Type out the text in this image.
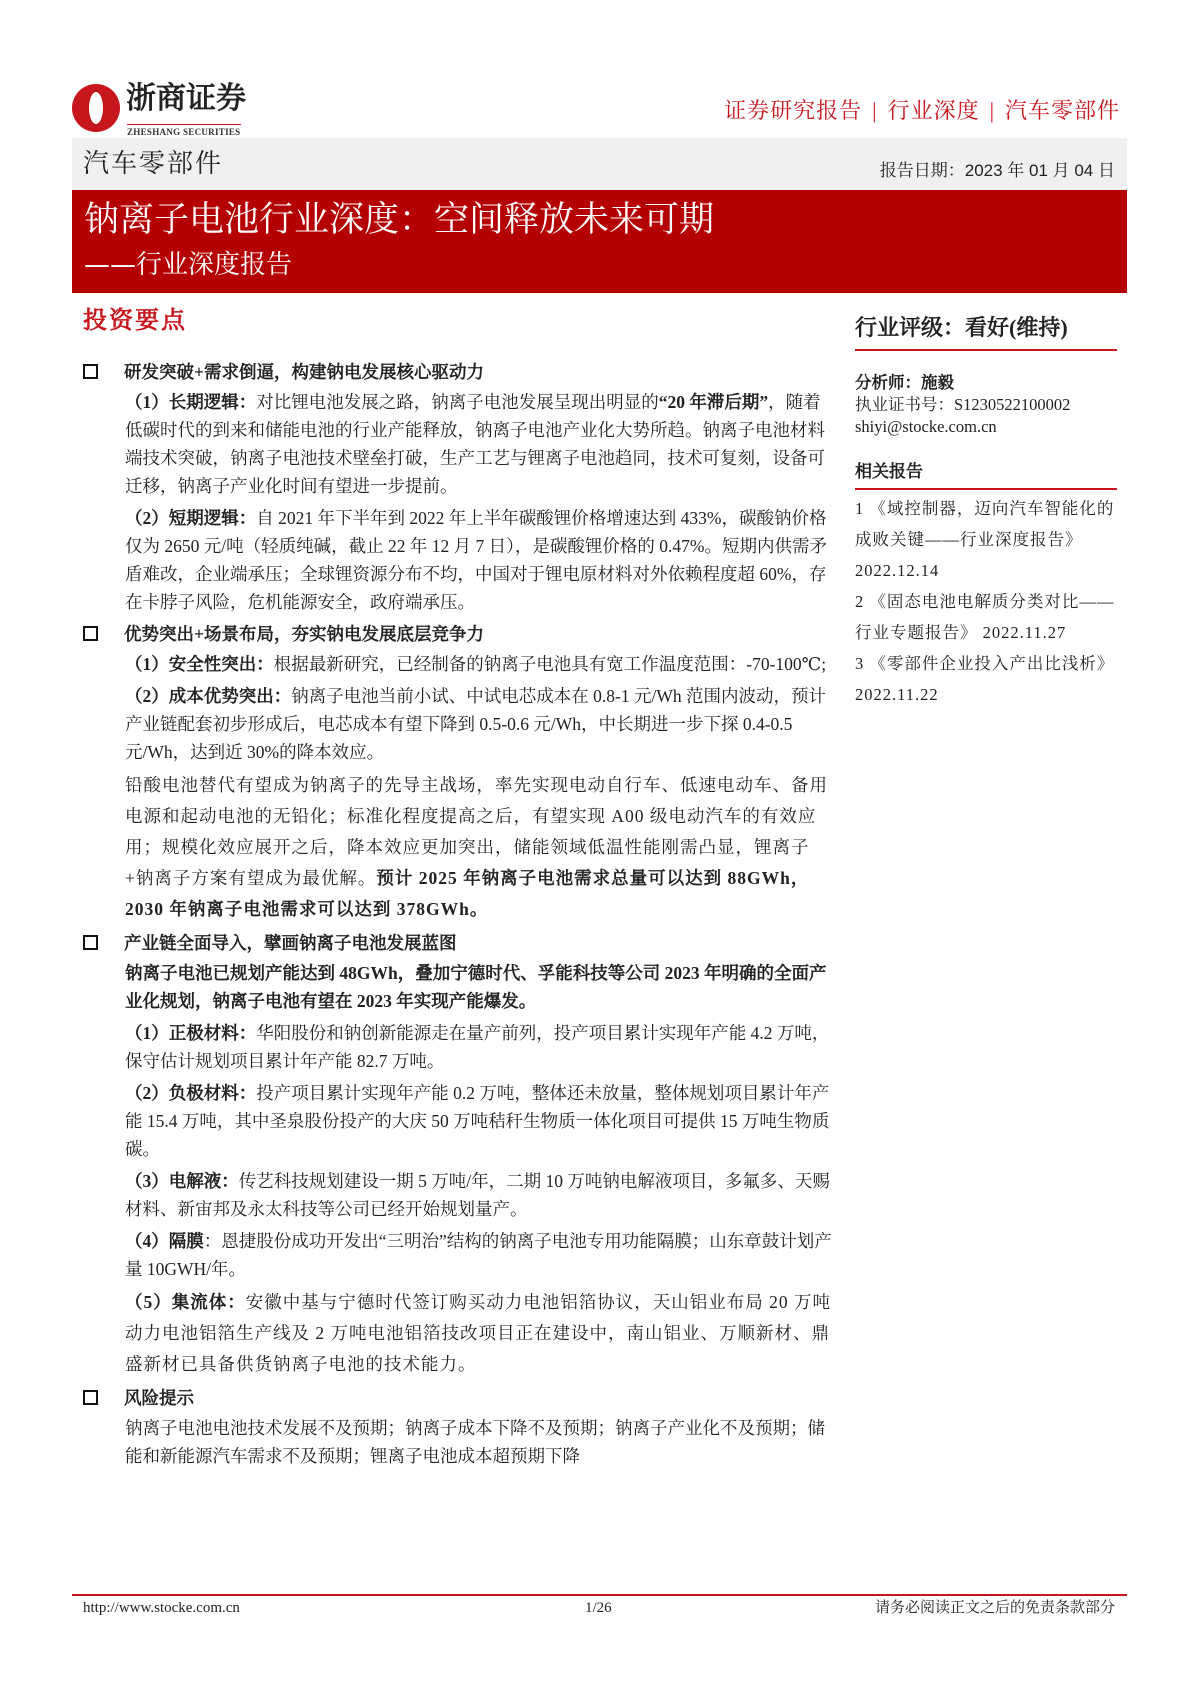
浙商证券
ZHESHANG SECURITIES
证券研究报告 | 行业深度 | 汽车零部件
汽车零部件	报告日期：2023 年 01 月 04 日
钠离子电池行业深度：空间释放未来可期
——行业深度报告
投资要点
研发突破+需求倒逼，构建钠电发展核心驱动力

（1）长期逻辑：对比锂电池发展之路，钠离子电池发展呈现出明显的“20 年滞后期”，随着低碳时代的到来和储能电池的行业产能释放，钠离子电池产业化大势所趋。钠离子电池材料端技术突破，钠离子电池技术壁垒打破，生产工艺与锂离子电池趋同，技术可复刻，设备可迁移，钠离子产业化时间有望进一步提前。

（2）短期逻辑：自 2021 年下半年到 2022 年上半年碳酸锂价格增速达到 433%，碳酸钠价格仅为 2650 元/吨（轻质纯碱，截止 22 年 12 月 7 日），是碳酸锂价格的 0.47%。短期内供需矛盾难改，企业端承压；全球锂资源分布不均，中国对于锂电原材料对外依赖程度超 60%，存在卡脖子风险，危机能源安全，政府端承压。

优势突出+场景布局，夯实钠电发展底层竞争力

（1）安全性突出：根据最新研究，已经制备的钠离子电池具有宽工作温度范围：-70-100℃;

（2）成本优势突出：钠离子电池当前小试、中试电芯成本在 0.8-1 元/Wh 范围内波动，预计产业链配套初步形成后，电芯成本有望下降到 0.5-0.6 元/Wh，中长期进一步下探 0.4-0.5 元/Wh，达到近 30%的降本效应。

铅酸电池替代有望成为钠离子的先导主战场，率先实现电动自行车、低速电动车、备用电源和起动电池的无铅化；标准化程度提高之后，有望实现 A00 级电动汽车的有效应用；规模化效应展开之后，降本效应更加突出，储能领域低温性能刚需凸显，锂离子+钠离子方案有望成为最优解。预计 2025 年钠离子电池需求总量可以达到 88GWh，2030 年钠离子电池需求可以达到 378GWh。

产业链全面导入，擘画钠离子电池发展蓝图

钠离子电池已规划产能达到 48GWh，叠加宁德时代、孚能科技等公司 2023 年明确的全面产业化规划，钠离子电池有望在 2023 年实现产能爆发。

（1）正极材料：华阳股份和钠创新能源走在量产前列，投产项目累计实现年产能 4.2 万吨，保守估计规划项目累计年产能 82.7 万吨。

（2）负极材料：投产项目累计实现年产能 0.2 万吨，整体还未放量，整体规划项目累计年产能 15.4 万吨，其中圣泉股份投产的大庆 50 万吨秸秆生物质一体化项目可提供 15 万吨生物质碳。

（3）电解液：传艺科技规划建设一期 5 万吨/年，二期 10 万吨钠电解液项目，多氟多、天赐材料、新宙邦及永太科技等公司已经开始规划量产。

（4）隔膜：恩捷股份成功开发出“三明治”结构的钠离子电池专用功能隔膜；山东章鼓计划产量 10GWH/年。

（5）集流体：安徽中基与宁德时代签订购买动力电池铝箔协议，天山铝业布局 20 万吨动力电池铝箔生产线及 2 万吨电池铝箔技改项目正在建设中，南山铝业、万顺新材、鼎盛新材已具备供货钠离子电池的技术能力。

风险提示

钠离子电池电池技术发展不及预期；钠离子成本下降不及预期；钠离子产业化不及预期；储能和新能源汽车需求不及预期；锂离子电池成本超预期下降

行业评级：看好(维持)
分析师：施毅
执业证书号：S1230522100002
shiyi@stocke.com.cn
相关报告
1 《域控制器，迈向汽车智能化的成败关键——行业深度报告》 2022.12.14
2 《固态电池电解质分类对比——行业专题报告》 2022.11.27
3 《零部件企业投入产出比浅析》 2022.11.22
http://www.stocke.com.cn	1/26	请务必阅读正文之后的免责条款部分
